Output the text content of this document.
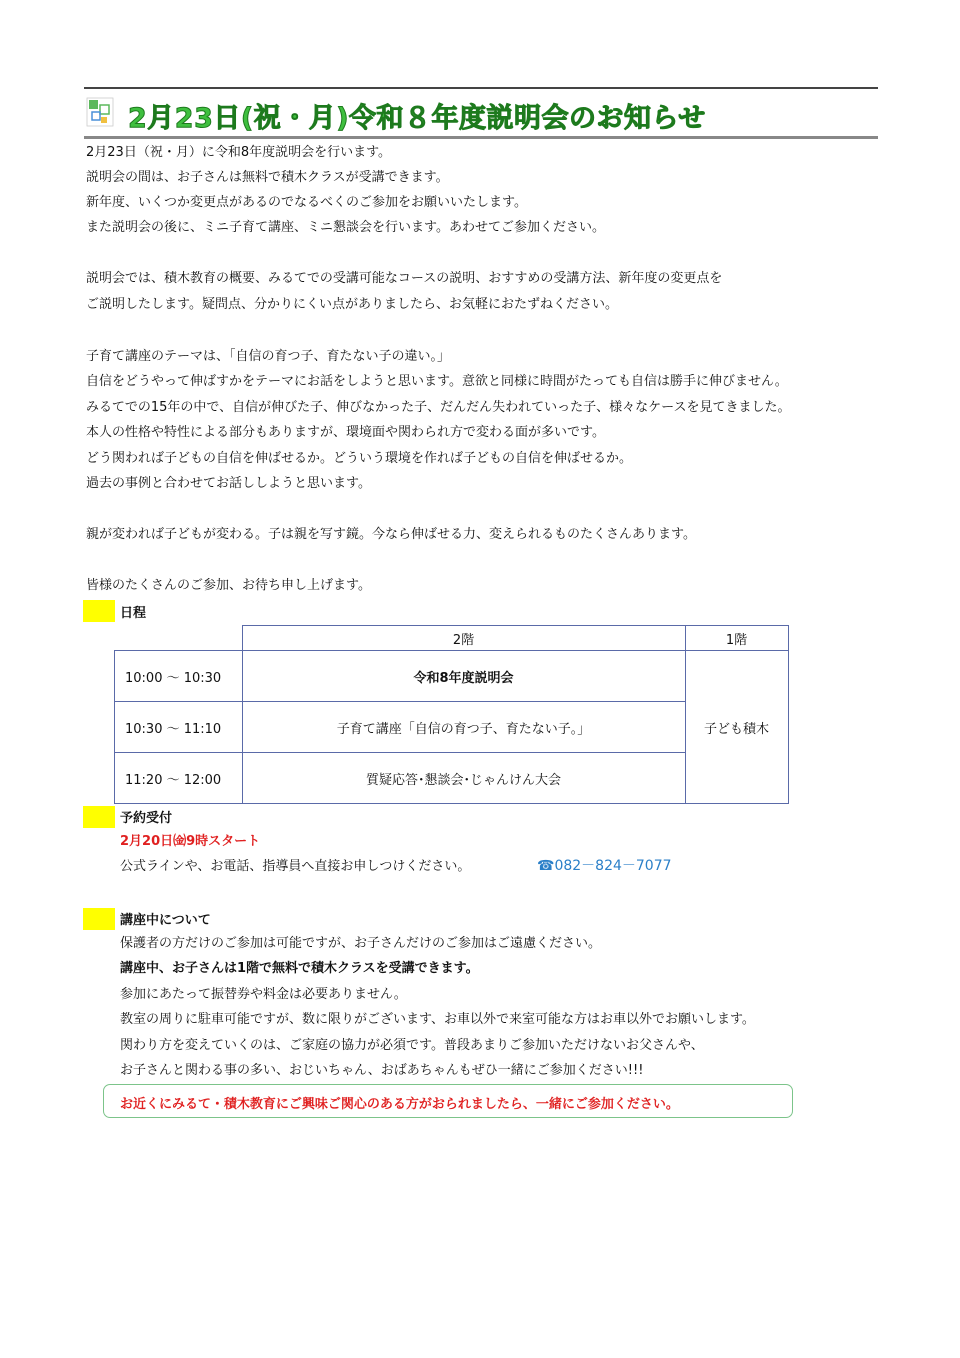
2月23日(祝・月)令和８年度説明会のお知らせ
2月23日（祝・月）に令和8年度説明会を行います。
説明会の間は、お子さんは無料で積木クラスが受講できます。
新年度、いくつか変更点があるのでなるべくのご参加をお願いいたします。
また説明会の後に、ミニ子育て講座、ミニ懇談会を行います。あわせてご参加ください。
説明会では、積木教育の概要、みるてでの受講可能なコースの説明、おすすめの受講方法、新年度の変更点を
ご説明したします。疑問点、分かりにくい点がありましたら、お気軽におたずねください。
子育て講座のテーマは、「自信の育つ子、育たない子の違い。」
自信をどうやって伸ばすかをテーマにお話をしようと思います。意欲と同様に時間がたっても自信は勝手に伸びません。
みるてでの15年の中で、自信が伸びた子、伸びなかった子、だんだん失われていった子、様々なケースを見てきました。
本人の性格や特性による部分もありますが、環境面や関わられ方で変わる面が多いです。
どう関われば子どもの自信を伸ばせるか。どういう環境を作れば子どもの自信を伸ばせるか。
過去の事例と合わせてお話ししようと思います。
親が変われば子どもが変わる。子は親を写す鏡。今なら伸ばせる力、変えられるものたくさんあります。
皆様のたくさんのご参加、お待ち申し上げます。
日程
	2階	1階
10:00 ～ 10:30	令和8年度説明会	子ども積木
10:30 ～ 11:10	子育て講座「自信の育つ子、育たない子。」	
11:20 ～ 12:00	質疑応答･懇談会･じゃんけん大会	
予約受付
2月20日㈮9時スタート
公式ラインや、お電話、指導員へ直接お申しつけください。	☎082－824－7077
講座中について
保護者の方だけのご参加は可能ですが、お子さんだけのご参加はご遠慮ください。
講座中、お子さんは1階で無料で積木クラスを受講できます。
参加にあたって振替券や料金は必要ありません。
教室の周りに駐車可能ですが、数に限りがございます、お車以外で来室可能な方はお車以外でお願いします。
関わり方を変えていくのは、ご家庭の協力が必須です。普段あまりご参加いただけないお父さんや、
お子さんと関わる事の多い、おじいちゃん、おばあちゃんもぜひ一緒にご参加ください!!!
お近くにみるて・積木教育にご興味ご関心のある方がおられましたら、一緒にご参加ください。
